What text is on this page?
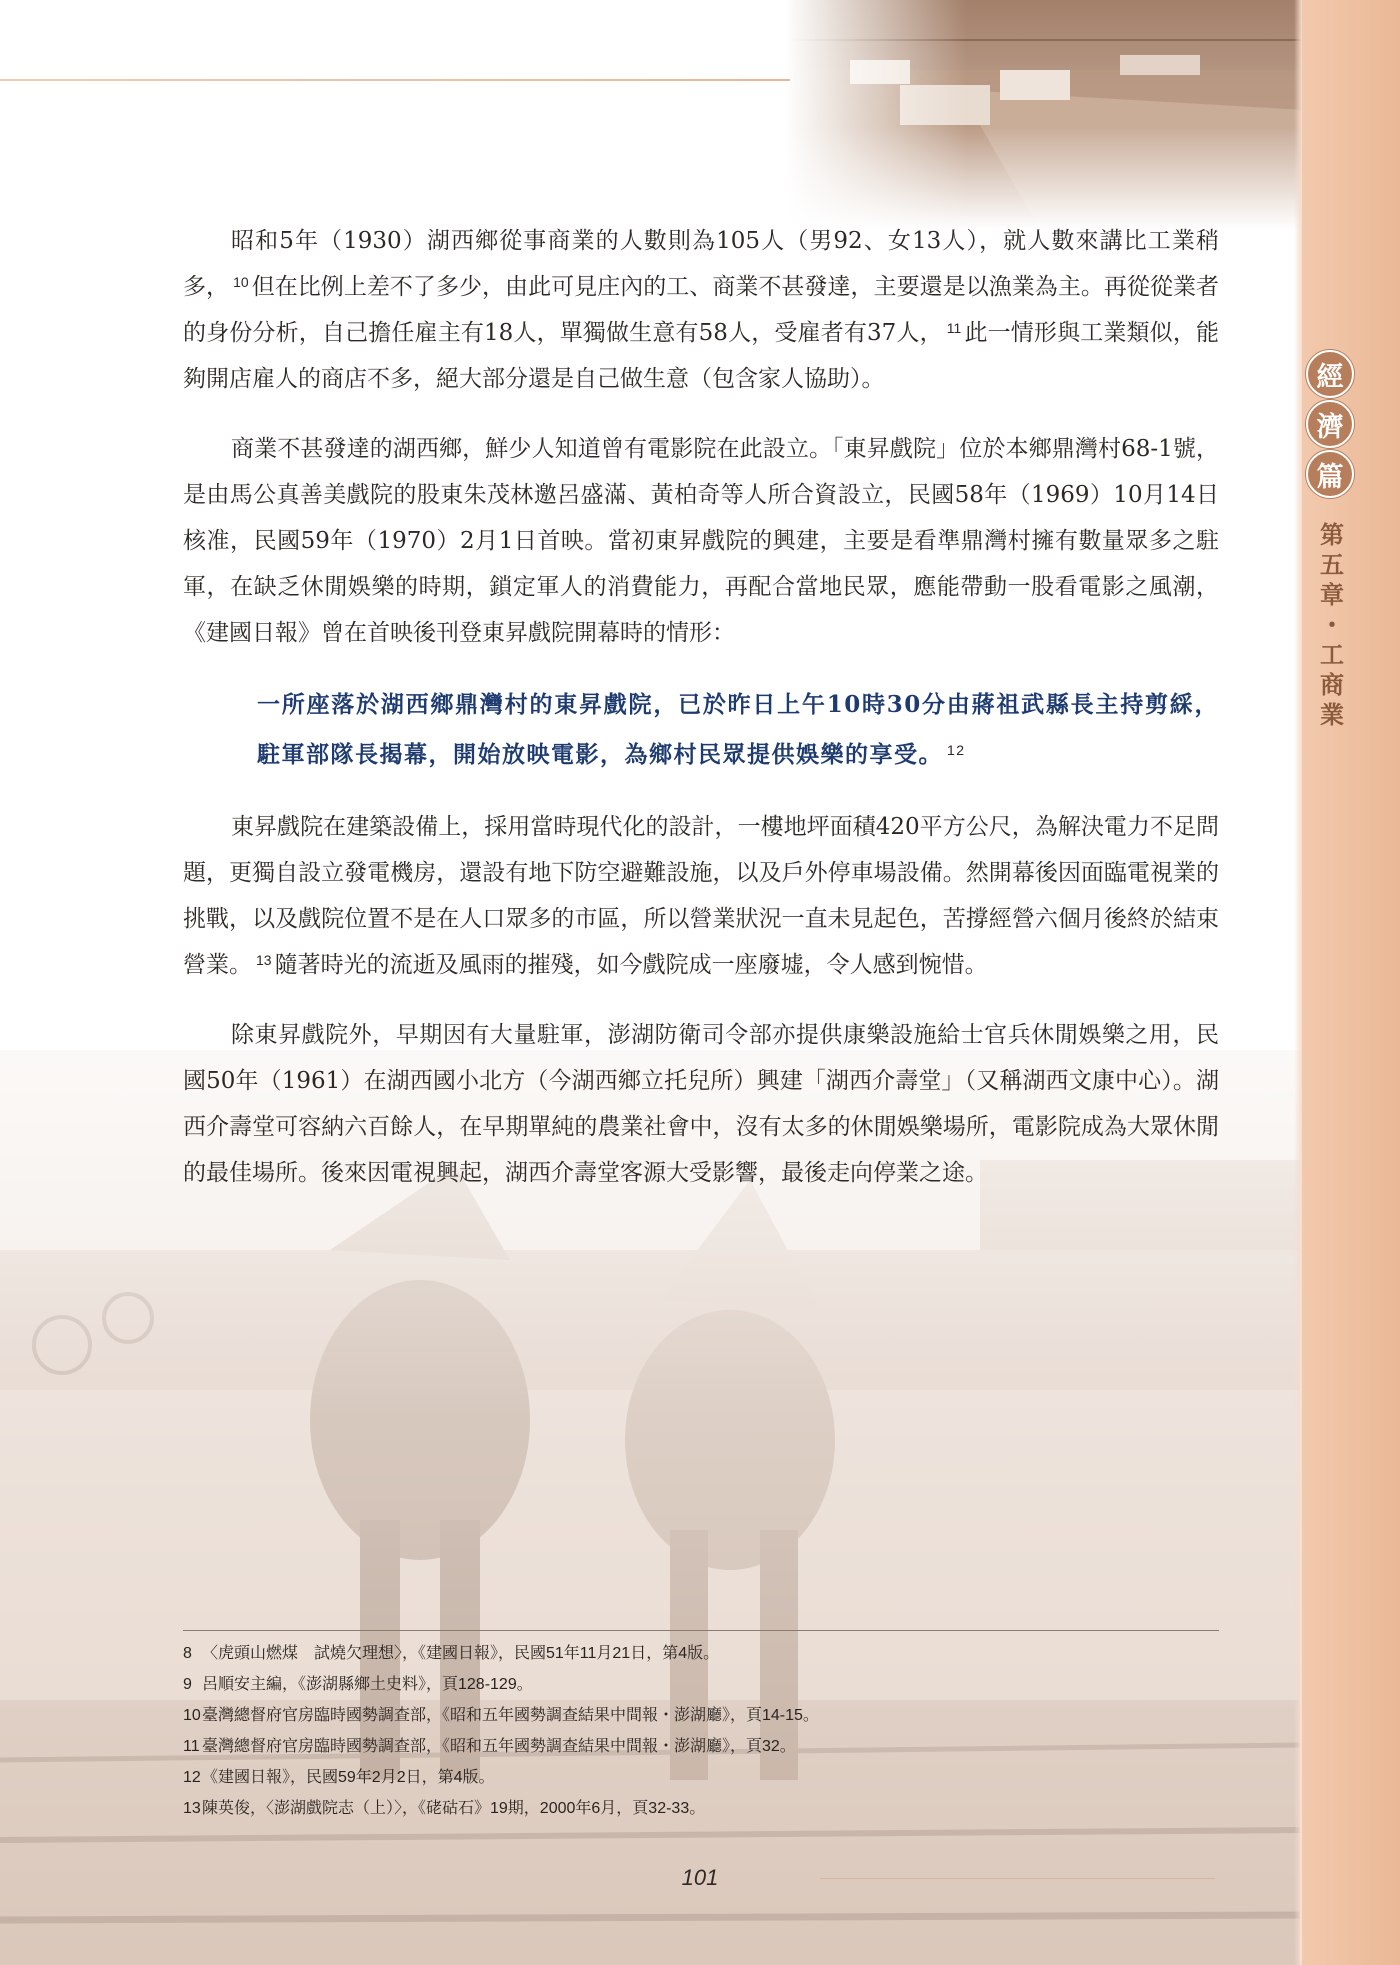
經
濟
篇
第五章・工商業

昭和5年（1930）湖西鄉從事商業的人數則為105人（男92、女13人），就人數來講比工業稍多， $^{10}$ 但在比例上差不了多少，由此可見庄內的工、商業不甚發達，主要還是以漁業為主。再從從業者的身份分析，自己擔任雇主有18人，單獨做生意有58人，受雇者有37人， $^{11}$ 此一情形與工業類似，能夠開店雇人的商店不多，絕大部分還是自己做生意（包含家人協助）。

商業不甚發達的湖西鄉，鮮少人知道曾有電影院在此設立。「東昇戲院」位於本鄉鼎灣村68-1號，是由馬公真善美戲院的股東朱茂林邀呂盛滿、黃柏奇等人所合資設立，民國58年（1969）10月14日核准，民國59年（1970）2月1日首映。當初東昇戲院的興建，主要是看準鼎灣村擁有數量眾多之駐軍，在缺乏休閒娛樂的時期，鎖定軍人的消費能力，再配合當地民眾，應能帶動一股看電影之風潮，《建國日報》曾在首映後刊登東昇戲院開幕時的情形：

一所座落於湖西鄉鼎灣村的東昇戲院，已於昨日上午10時30分由蔣祖武縣長主持剪綵，駐軍部隊長揭幕，開始放映電影，為鄉村民眾提供娛樂的享受。 $^{12}$

東昇戲院在建築設備上，採用當時現代化的設計，一樓地坪面積420平方公尺，為解決電力不足問題，更獨自設立發電機房，還設有地下防空避難設施，以及戶外停車場設備。然開幕後因面臨電視業的挑戰，以及戲院位置不是在人口眾多的市區，所以營業狀況一直未見起色，苦撐經營六個月後終於結束營業。 $^{13}$ 隨著時光的流逝及風雨的摧殘，如今戲院成一座廢墟，令人感到惋惜。

除東昇戲院外，早期因有大量駐軍，澎湖防衛司令部亦提供康樂設施給士官兵休閒娛樂之用，民國50年（1961）在湖西國小北方（今湖西鄉立托兒所）興建「湖西介壽堂」（又稱湖西文康中心）。湖西介壽堂可容納六百餘人，在早期單純的農業社會中，沒有太多的休閒娛樂場所，電影院成為大眾休閒的最佳場所。後來因電視興起，湖西介壽堂客源大受影響，最後走向停業之途。

8 〈虎頭山燃煤　試燒欠理想〉，《建國日報》，民國51年11月21日，第4版。
9 呂順安主編，《澎湖縣鄉土史料》，頁128-129。
10 臺灣總督府官房臨時國勢調查部，《昭和五年國勢調查結果中間報・澎湖廳》，頁14-15。
11 臺灣總督府官房臨時國勢調查部，《昭和五年國勢調查結果中間報・澎湖廳》，頁32。
12 《建國日報》，民國59年2月2日，第4版。
13 陳英俊，〈澎湖戲院志（上）〉，《硓𥑮石》19期，2000年6月，頁32-33。
101
